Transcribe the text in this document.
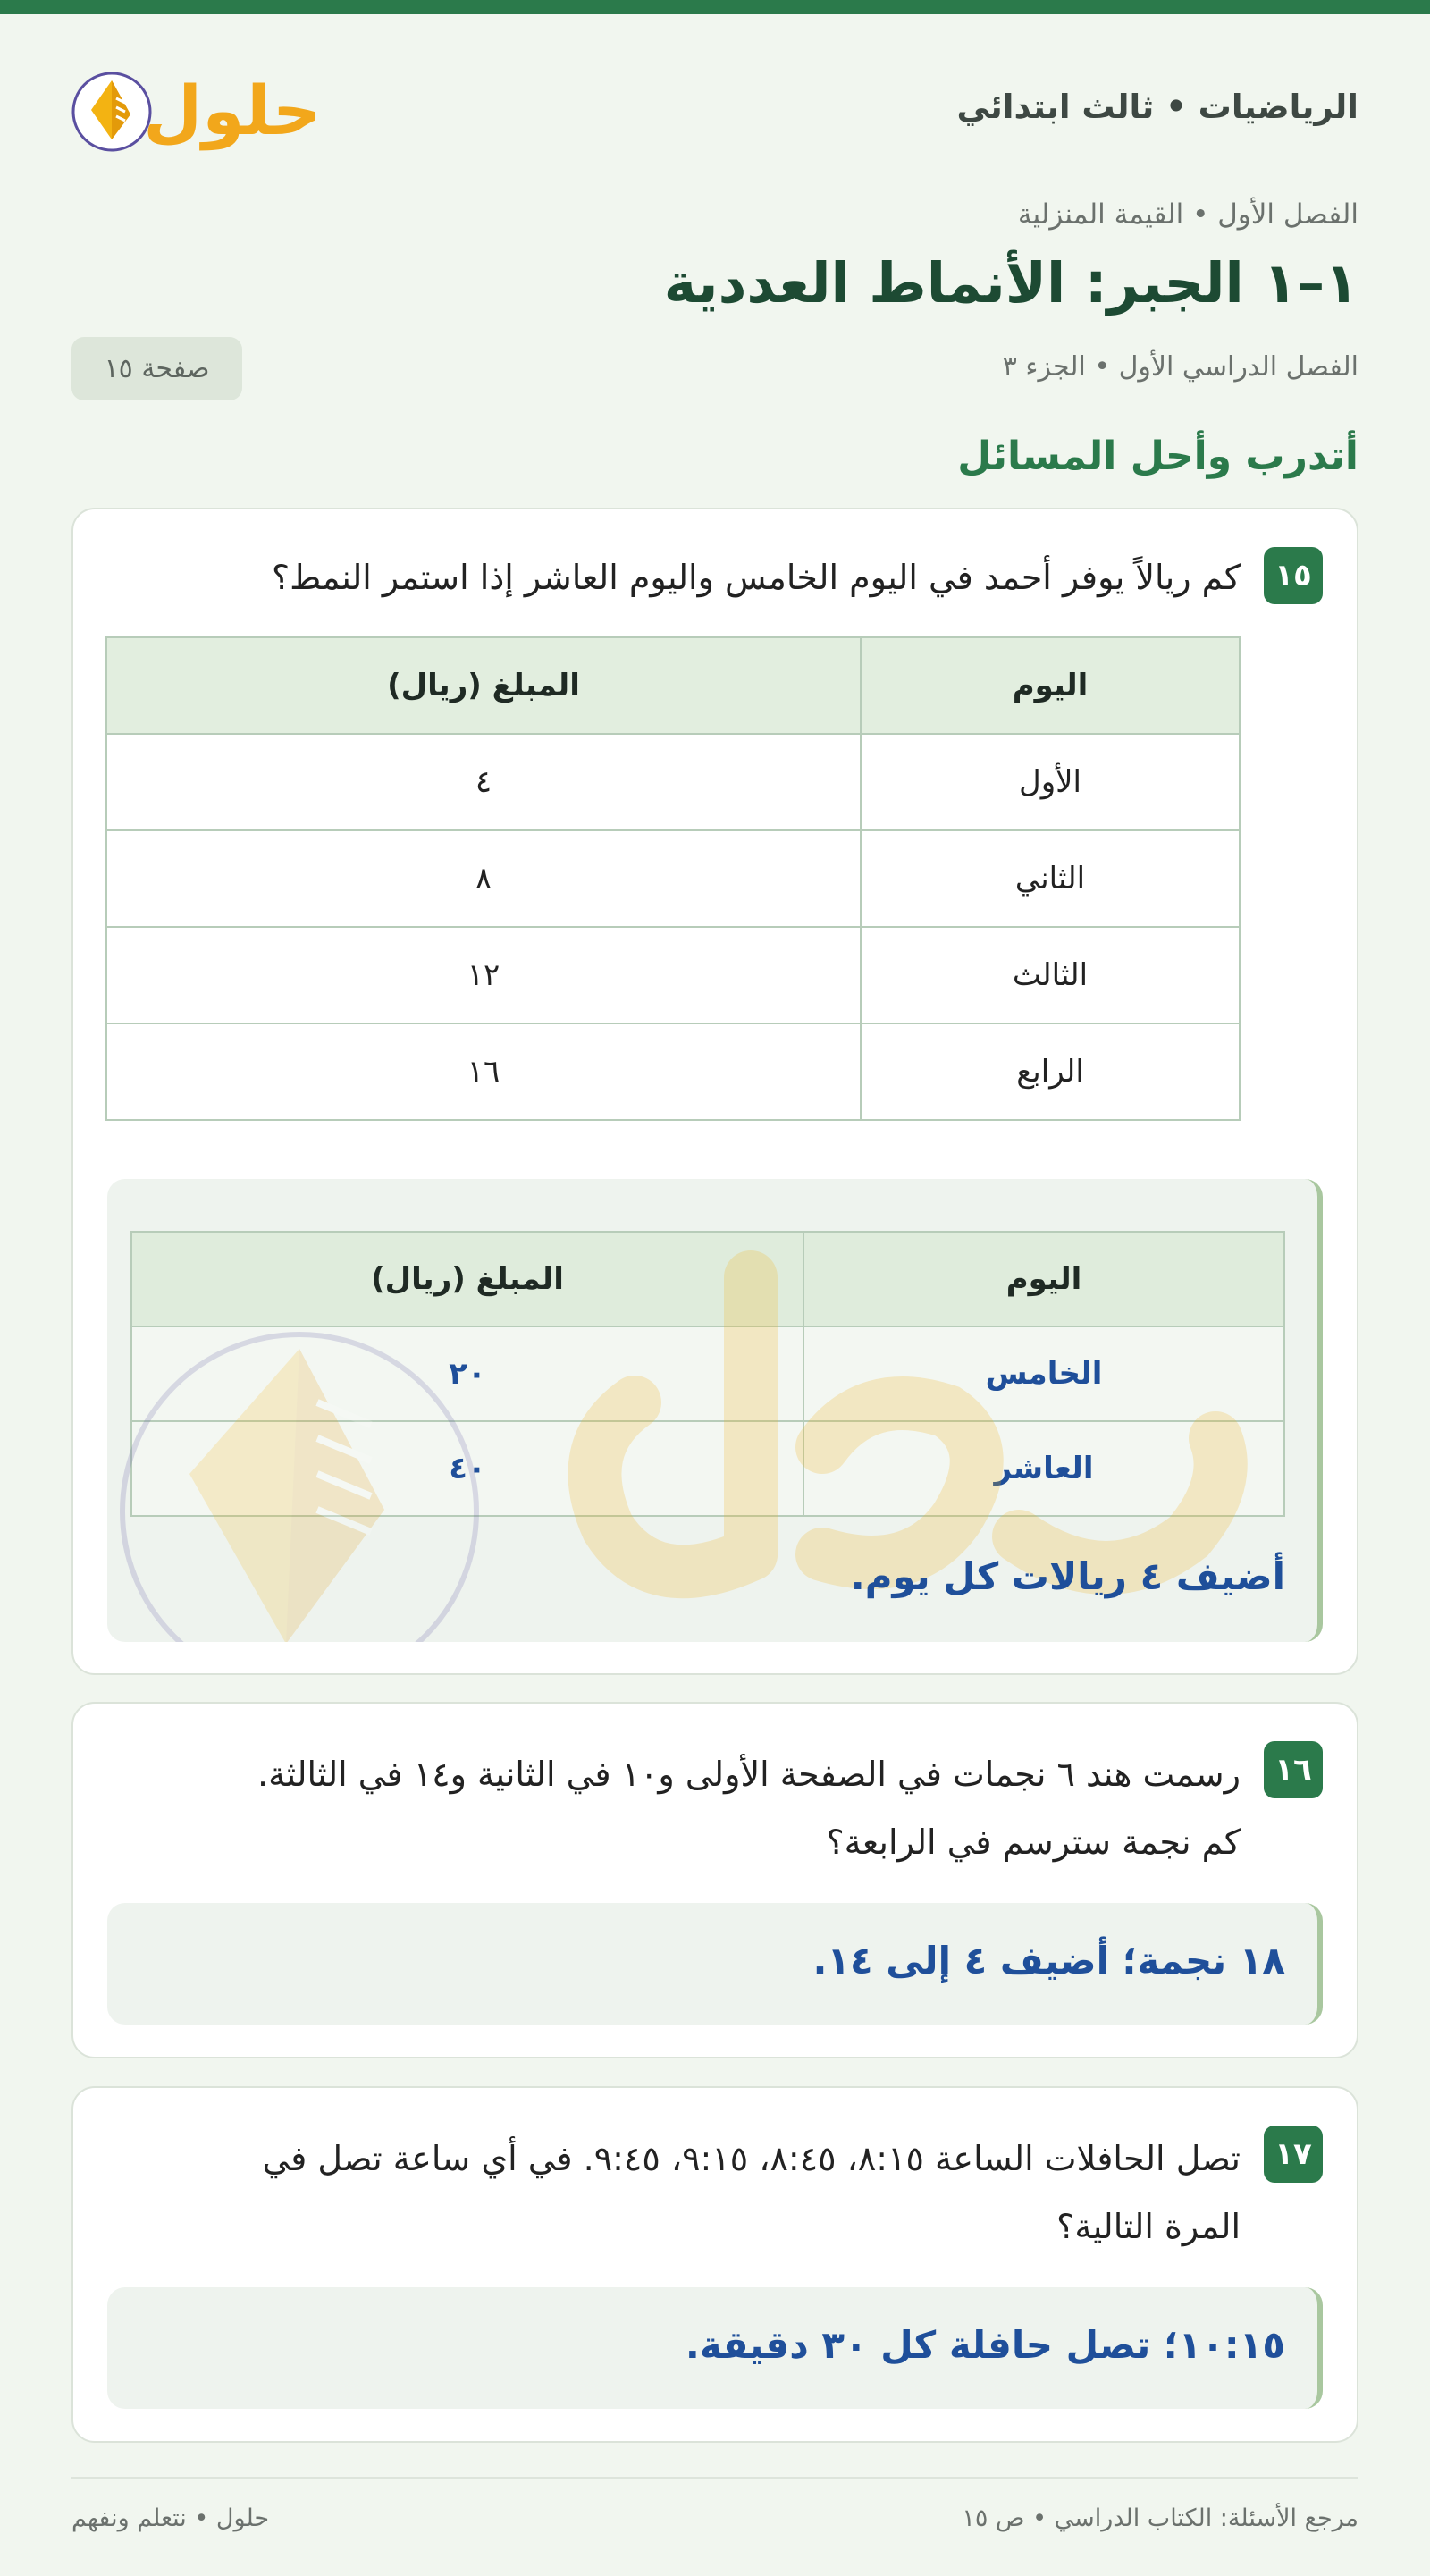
الرياضيات • ثالث ابتدائي
حلول
الفصل الأول • القيمة المنزلية
١–١ الجبر: الأنماط العددية
الفصل الدراسي الأول • الجزء ٣
صفحة ١٥
أتدرب وأحل المسائل
١٥
كم ريالاً يوفر أحمد في اليوم الخامس واليوم العاشر إذا استمر النمط؟
اليوم	المبلغ (ريال)
الأول	٤
الثاني	٨
الثالث	١٢
الرابع	١٦
اليوم	المبلغ (ريال)
الخامس	٢٠
العاشر	٤٠
أضيف ٤ ريالات كل يوم.
١٦
رسمت هند ٦ نجمات في الصفحة الأولى و١٠ في الثانية و١٤ في الثالثة.
كم نجمة سترسم في الرابعة؟
١٨ نجمة؛ أضيف ٤ إلى ١٤.
١٧
تصل الحافلات الساعة ٨:١٥، ٨:٤٥، ٩:١٥، ٩:٤٥. في أي ساعة تصل في
المرة التالية؟
١٠:١٥؛ تصل حافلة كل ٣٠ دقيقة.
حلول • نتعلم ونفهم	مرجع الأسئلة: الكتاب الدراسي • ص ١٥
